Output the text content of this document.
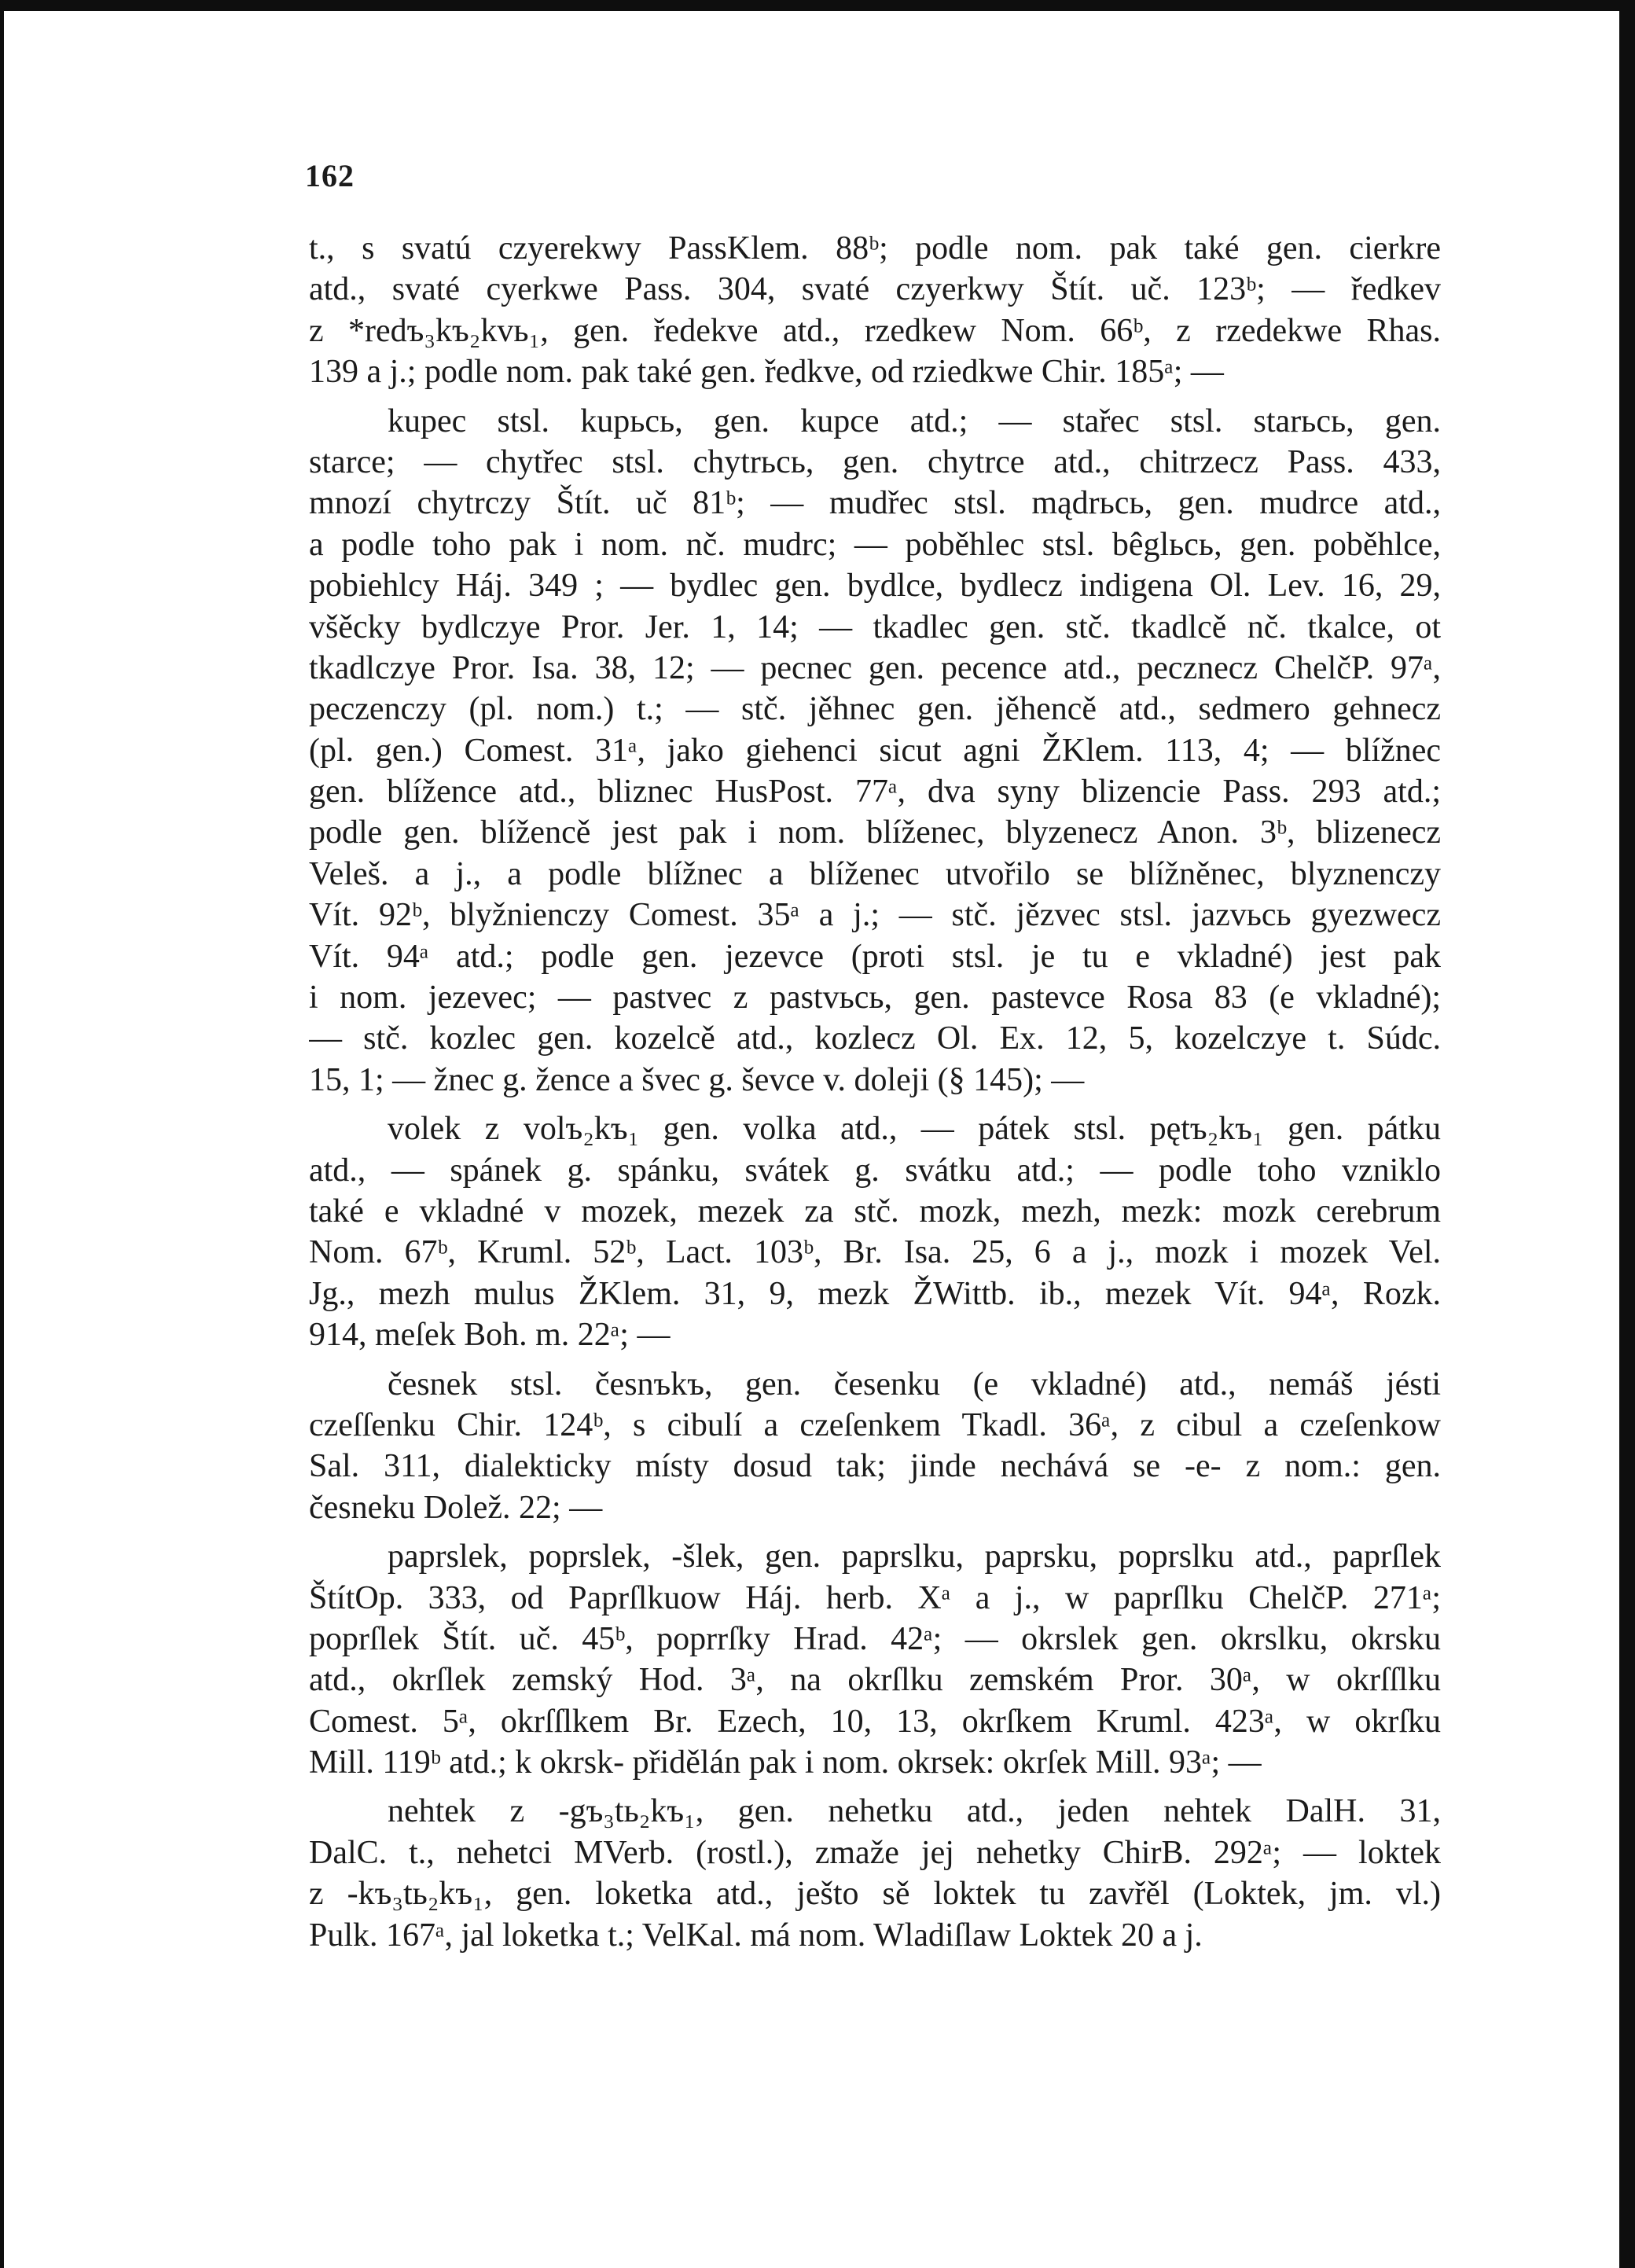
162
t., s svatú czyerekwy PassKlem. 88ᵇ; podle nom. pak také gen. cierkre
atd., svaté cyerkwe Pass. 304, svaté czyerkwy Štít. uč. 123ᵇ; — ředkev
z *redъ₃kъ₂kvь₁, gen. ředekve atd., rzedkew Nom. 66ᵇ, z rzedekwe Rhas.
139 a j.; podle nom. pak také gen. ředkve, od rziedkwe Chir. 185ᵃ; —
kupec stsl. kupьсь, gen. kupce atd.; — stařec stsl. starьсь, gen.
starce; — chytřec stsl. chytrьсь, gen. chytrce atd., chitrzecz Pass. 433,
mnozí chytrczy Štít. uč 81ᵇ; — mudřec stsl. mądrьсь, gen. mudrce atd.,
a podle toho pak i nom. nč. mudrc; — poběhlec stsl. bêglьсь, gen. poběhlce,
pobiehlcy Háj. 349 ; — bydlec gen. bydlce, bydlecz indigena Ol. Lev. 16, 29,
všěcky bydlczye Pror. Jer. 1, 14; — tkadlec gen. stč. tkadlcě nč. tkalce, ot
tkadlczye Pror. Isa. 38, 12; — pecnec gen. pecence atd., peczneсz ChelčP. 97ᵃ,
peczenczy (pl. nom.) t.; — stč. jěhnec gen. jěhencě atd., sedmero gehnecz
(pl. gen.) Comest. 31ᵃ, jako giehenci sicut agni ŽKlem. 113, 4; — blížnec
gen. blížence atd., bliznec HusPost. 77ᵃ, dva syny blizencie Pass. 293 atd.;
podle gen. blížencě jest pak i nom. blíženec, blyzenecz Anon. 3ᵇ, blizenecz
Veleš. a j., a podle blížnec a blíženec utvořilo se blížněnec, blyznenczy
Vít. 92ᵇ, blyžnienczy Comest. 35ᵃ a j.; — stč. jězvec stsl. jazvьсь gyezwecz
Vít. 94ᵃ atd.; podle gen. jezevce (proti stsl. je tu e vkladné) jest pak
i nom. jezevec; — pastvec z pastvьсь, gen. pastevce Rosa 83 (e vkladné);
— stč. kozlec gen. kozelcě atd., kozlecz Ol. Ex. 12, 5, kozelczye t. Súdc.
15, 1; — žnec g. žence a švec g. ševce v. doleji (§ 145); —
volek z volъ₂kъ₁ gen. volka atd., — pátek stsl. pętъ₂kъ₁ gen. pátku
atd., — spánek g. spánku, svátek g. svátku atd.; — podle toho vzniklo
také e vkladné v mozek, mezek za stč. mozk, mezh, mezk: mozk cerebrum
Nom. 67ᵇ, Kruml. 52ᵇ, Lact. 103ᵇ, Br. Isa. 25, 6 a j., mozk i mozek Vel.
Jg., mezh mulus ŽKlem. 31, 9, mezk ŽWittb. ib., mezek Vít. 94ᵃ, Rozk.
914, meſek Boh. m. 22ᵃ; —
česnek stsl. česnъkъ, gen. česenku (e vkladné) atd., nemáš jésti
czeſſenku Chir. 124ᵇ, s cibulí a czeſenkem Tkadl. 36ᵃ, z cibul a czeſenkow
Sal. 311, dialekticky místy dosud tak; jinde nechává se -e- z nom.: gen.
česneku Dolež. 22; —
paprslek, poprslek, -šlek, gen. paprslku, paprsku, poprslku atd., paprſlek
ŠtítOp. 333, od Paprſlkuow Háj. herb. Xᵃ a j., w paprſlku ChelčP. 271ᵃ;
poprſlek Štít. uč. 45ᵇ, poprrſky Hrad. 42ᵃ; — okrslek gen. okrslku, okrsku
atd., okrſlek zemský Hod. 3ᵃ, na okrſlku zemském Pror. 30ᵃ, w okrſſlku
Comest. 5ᵃ, okrſſlkem Br. Ezech, 10, 13, okrſkem Kruml. 423ᵃ, w okrſku
Mill. 119ᵇ atd.; k okrsk- přidělán pak i nom. okrsek: okrſek Mill. 93ᵃ; —
nehtek z -gъ₃tь₂kъ₁, gen. nehetku atd., jeden nehtek DalH. 31,
DalC. t., nehetci MVerb. (rostl.), zmaže jej nehetky ChirB. 292ᵃ; — loktek
z -kъ₃tь₂kъ₁, gen. loketka atd., ješto sě loktek tu zavřěl (Loktek, jm. vl.)
Pulk. 167ᵃ, jal loketka t.; VelKal. má nom. Wladiſlaw Loktek 20 a j.
